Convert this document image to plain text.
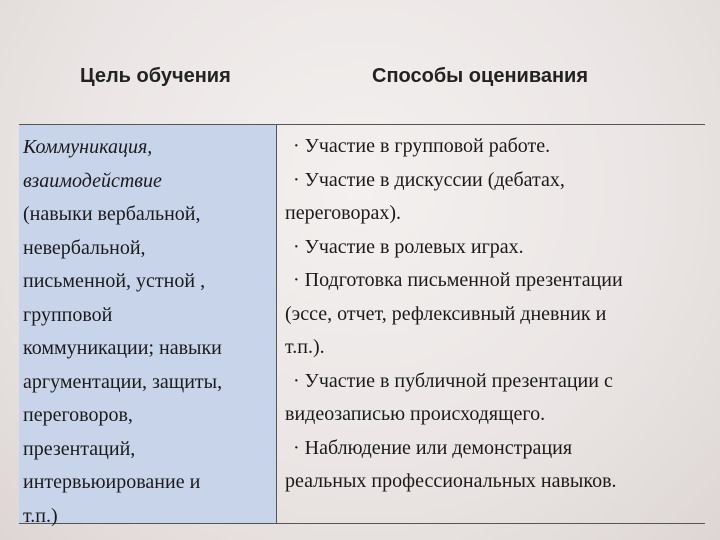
Цель обучения	Способы оценивания
Коммуникация,
взаимодействие
(навыки вербальной,
невербальной,
письменной, устной ,
групповой
коммуникации; навыки
аргументации, защиты,
переговоров,
презентаций,
интервьюирование и
т.п.)
· Участие в групповой работе.
· Участие в дискуссии (дебатах,
переговорах).
· Участие в ролевых играх.
· Подготовка письменной презентации
(эссе, отчет, рефлексивный дневник и
т.п.).
· Участие в публичной презентации с
видеозаписью происходящего.
· Наблюдение или демонстрация
реальных профессиональных навыков.
